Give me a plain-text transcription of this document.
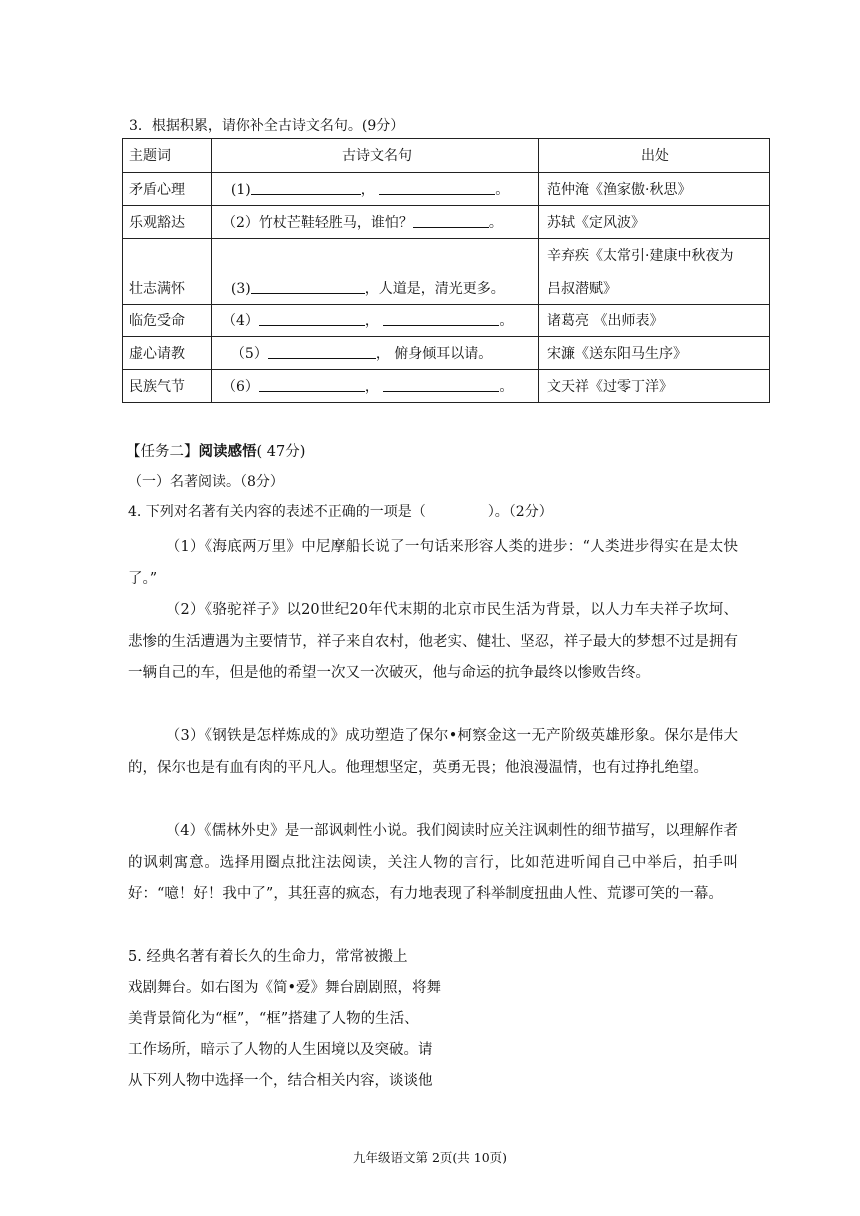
3．根据积累，请你补全古诗文名句。(9分）
主题词	古诗文名句	出处
矛盾心理	(1) ， 。	范仲淹《渔家傲·秋思》
乐观豁达	（2）竹杖芒鞋轻胜马，谁怕？ 。	苏轼《定风波》
壮志满怀	(3) ，人道是，清光更多。	辛弃疾《太常引·建康中秋夜为
吕叔潜赋》

临危受命	（4） ， 。	诸葛亮 《出师表》
虚心请教	（5） ， 俯身倾耳以请。	宋濂《送东阳马生序》
民族气节	（6） ， 。	文天祥《过零丁洋》
【任务二】阅读感悟( 47分)
（一）名著阅读。（8分）
4. 下列对名著有关内容的表述不正确的一项是（	）。（2分）
（1）《海底两万里》中尼摩船长说了一句话来形容人类的进步：“人类进步得实在是太快了。”
（2）《骆驼祥子》以20世纪20年代末期的北京市民生活为背景，以人力车夫祥子坎坷、悲惨的生活遭遇为主要情节，祥子来自农村，他老实、健壮、坚忍，祥子最大的梦想不过是拥有一辆自己的车，但是他的希望一次又一次破灭，他与命运的抗争最终以惨败告终。
（3）《钢铁是怎样炼成的》成功塑造了保尔•柯察金这一无产阶级英雄形象。保尔是伟大的，保尔也是有血有肉的平凡人。他理想坚定，英勇无畏；他浪漫温情，也有过挣扎绝望。
（4）《儒林外史》是一部讽刺性小说。我们阅读时应关注讽刺性的细节描写，以理解作者的讽刺寓意。选择用圈点批注法阅读，关注人物的言行，比如范进听闻自己中举后，拍手叫好：“噫！好！我中了”，其狂喜的疯态，有力地表现了科举制度扭曲人性、荒谬可笑的一幕。
5. 经典名著有着长久的生命力，常常被搬上
戏剧舞台。如右图为《简•爱》舞台剧剧照，将舞
美背景简化为“框”，“框”搭建了人物的生活、
工作场所，暗示了人物的人生困境以及突破。请
从下列人物中选择一个，结合相关内容，谈谈他
九年级语文第 2页(共 10页)
